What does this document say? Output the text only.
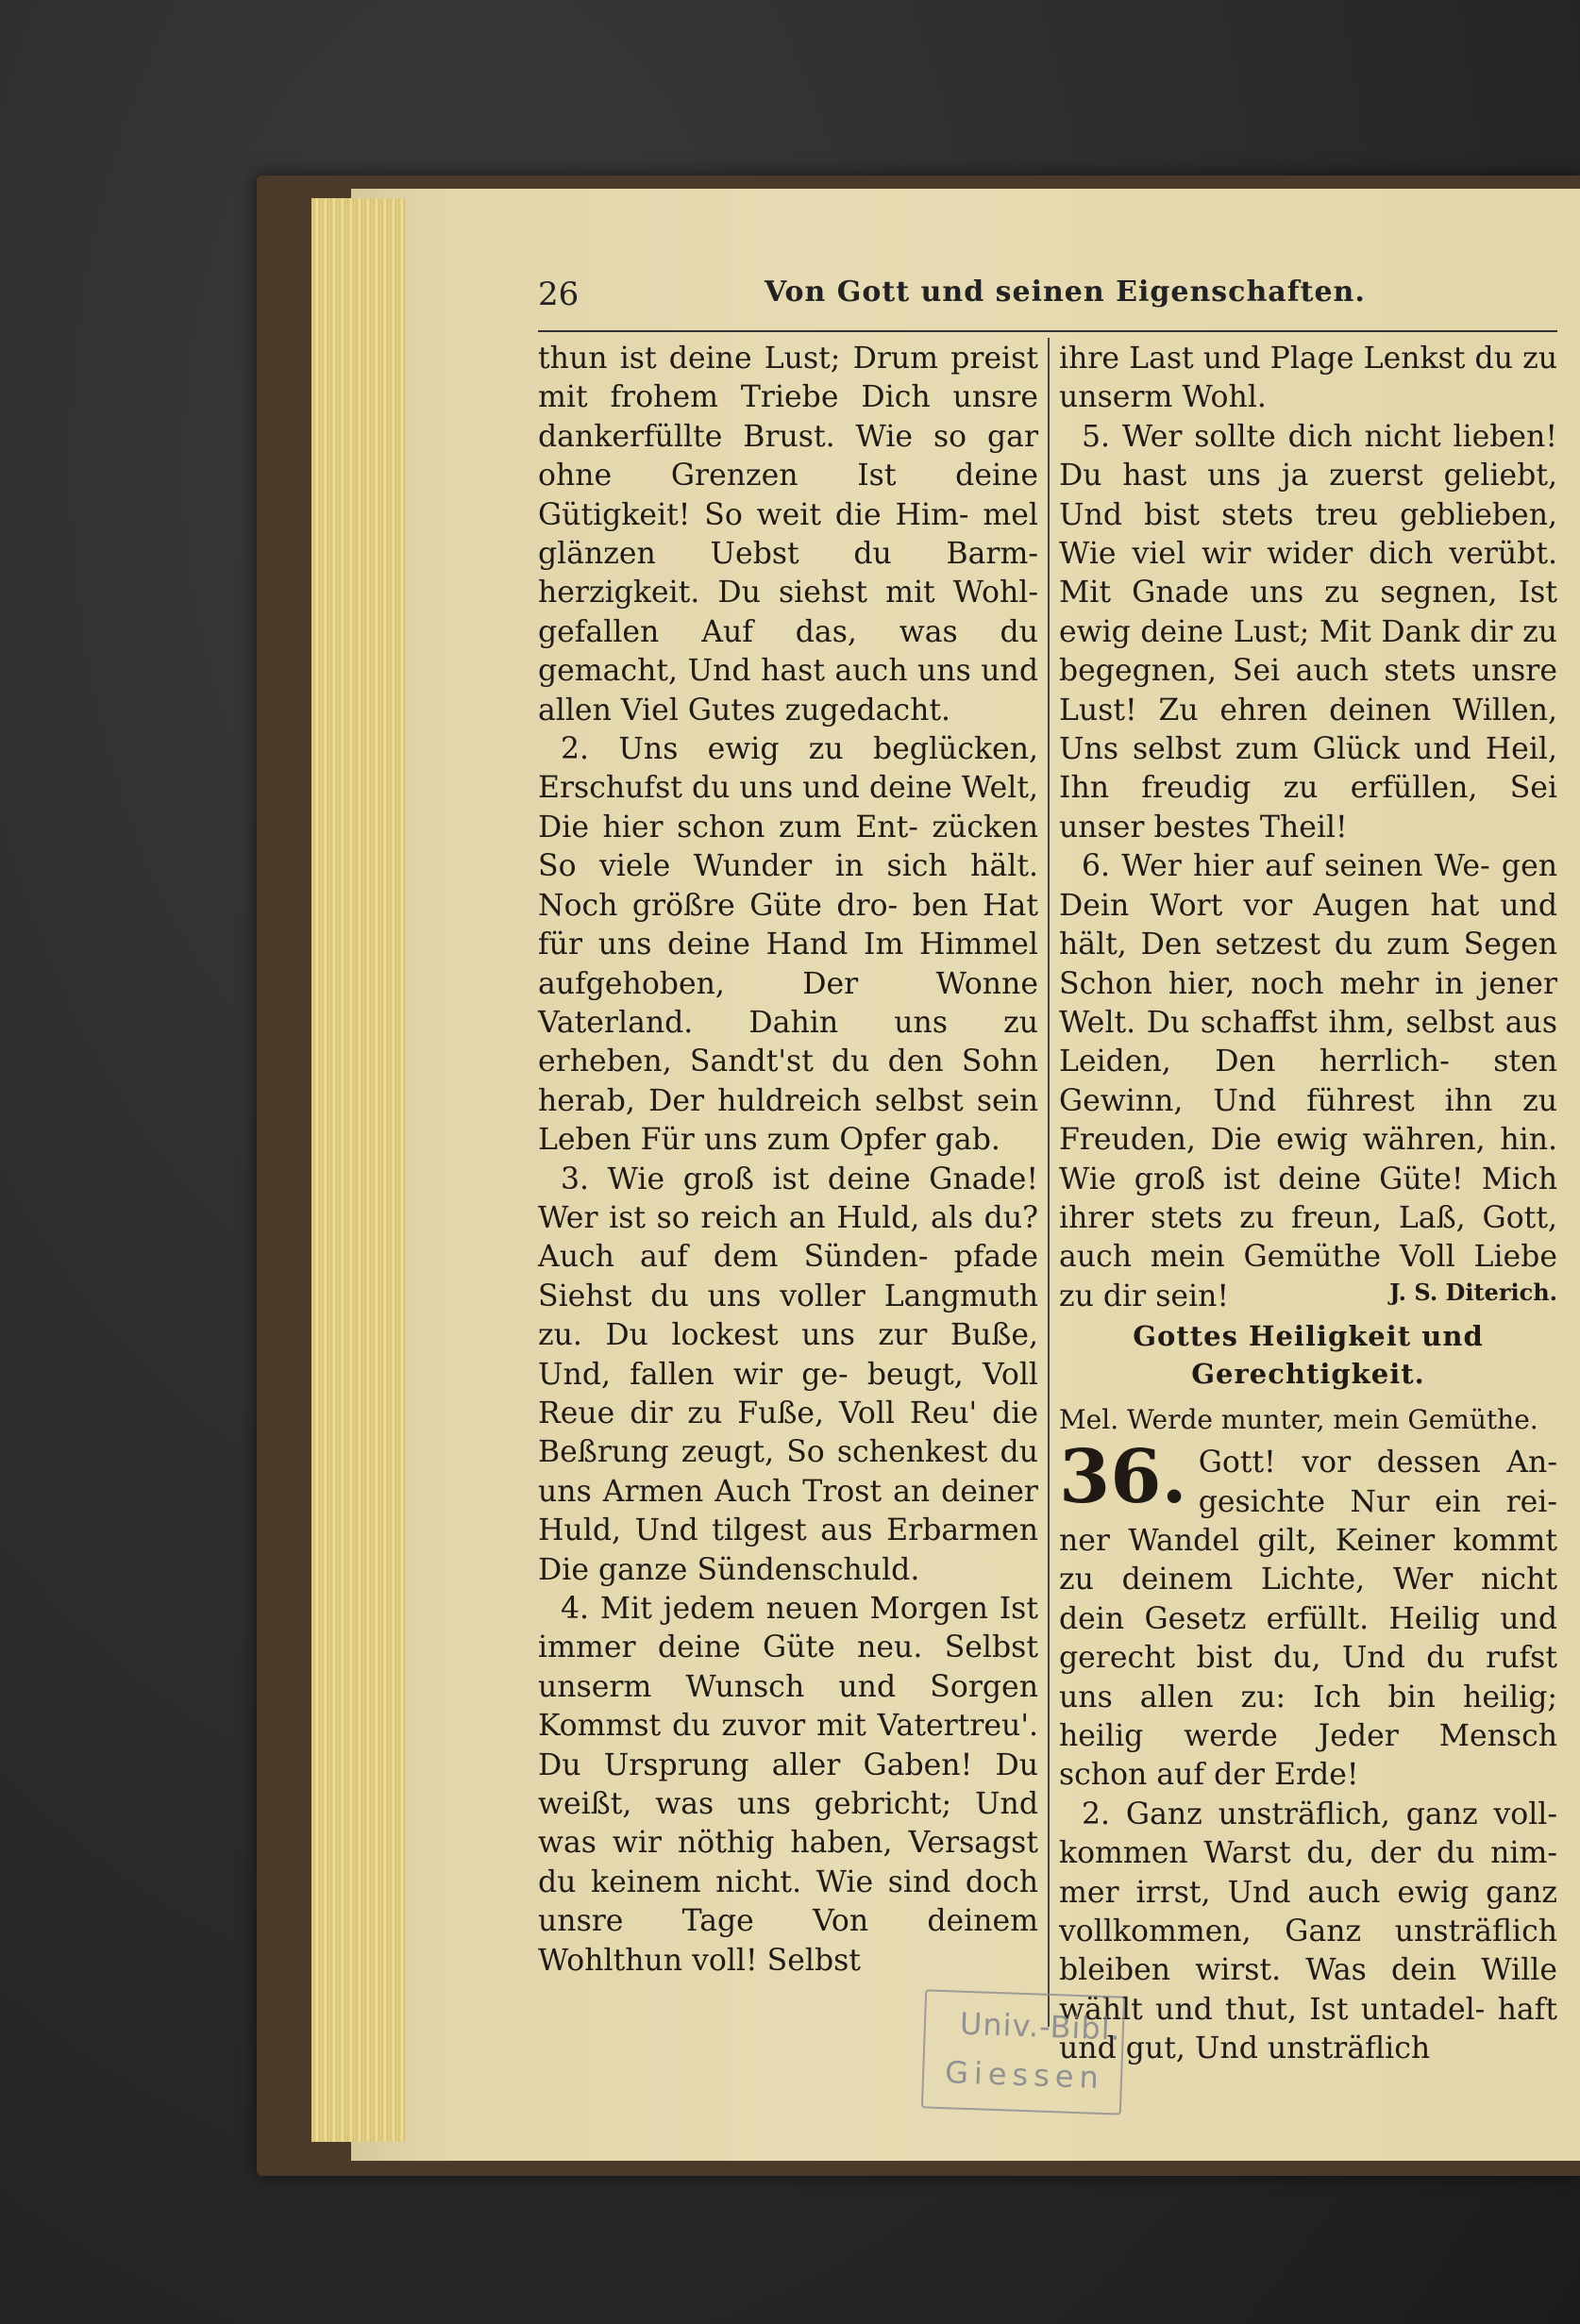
26	Von Gott und seinen Eigenschaften.

thun ist deine Lust; Drum preist mit frohem Triebe Dich unsre dankerfüllte Brust. Wie so gar ohne Grenzen Ist deine Gütigkeit! So weit die Him- mel glänzen Uebst du Barm- herzigkeit. Du siehst mit Wohl- gefallen Auf das, was du gemacht, Und hast auch uns und allen Viel Gutes zugedacht.

2. Uns ewig zu beglücken, Erschufst du uns und deine Welt, Die hier schon zum Ent- zücken So viele Wunder in sich hält. Noch größre Güte dro- ben Hat für uns deine Hand Im Himmel aufgehoben, Der Wonne Vaterland. Dahin uns zu erheben, Sandt'st du den Sohn herab, Der huldreich selbst sein Leben Für uns zum Opfer gab.

3. Wie groß ist deine Gnade! Wer ist so reich an Huld, als du? Auch auf dem Sünden- pfade Siehst du uns voller Langmuth zu. Du lockest uns zur Buße, Und, fallen wir ge- beugt, Voll Reue dir zu Fuße, Voll Reu' die Beßrung zeugt, So schenkest du uns Armen Auch Trost an deiner Huld, Und tilgest aus Erbarmen Die ganze Sündenschuld.

4. Mit jedem neuen Morgen Ist immer deine Güte neu. Selbst unserm Wunsch und Sorgen Kommst du zuvor mit Vatertreu'. Du Ursprung aller Gaben! Du weißt, was uns gebricht; Und was wir nöthig haben, Versagst du keinem nicht. Wie sind doch unsre Tage Von deinem Wohlthun voll! Selbst

ihre Last und Plage Lenkst du zu unserm Wohl.

5. Wer sollte dich nicht lieben! Du hast uns ja zuerst geliebt, Und bist stets treu geblieben, Wie viel wir wider dich verübt. Mit Gnade uns zu segnen, Ist ewig deine Lust; Mit Dank dir zu begegnen, Sei auch stets unsre Lust! Zu ehren deinen Willen, Uns selbst zum Glück und Heil, Ihn freudig zu erfüllen, Sei unser bestes Theil!

6. Wer hier auf seinen We- gen Dein Wort vor Augen hat und hält, Den setzest du zum Segen Schon hier, noch mehr in jener Welt. Du schaffst ihm, selbst aus Leiden, Den herrlich- sten Gewinn, Und führest ihn zu Freuden, Die ewig währen, hin. Wie groß ist deine Güte! Mich ihrer stets zu freun, Laß, Gott, auch mein Gemüthe Voll Liebe zu dir sein!	J. S. Diterich.
Gottes Heiligkeit und
Gerechtigkeit.
Mel. Werde munter, mein Gemüthe.
36. Gott! vor dessen An- gesichte Nur ein rei- ner Wandel gilt, Keiner kommt zu deinem Lichte, Wer nicht dein Gesetz erfüllt. Heilig und gerecht bist du, Und du rufst uns allen zu: Ich bin heilig; heilig werde Jeder Mensch schon auf der Erde!

2. Ganz unsträflich, ganz voll- kommen Warst du, der du nim- mer irrst, Und auch ewig ganz vollkommen, Ganz unsträflich bleiben wirst. Was dein Wille wählt und thut, Ist untadel- haft und gut, Und unsträflich

Univ.-Bibl.
Giessen
